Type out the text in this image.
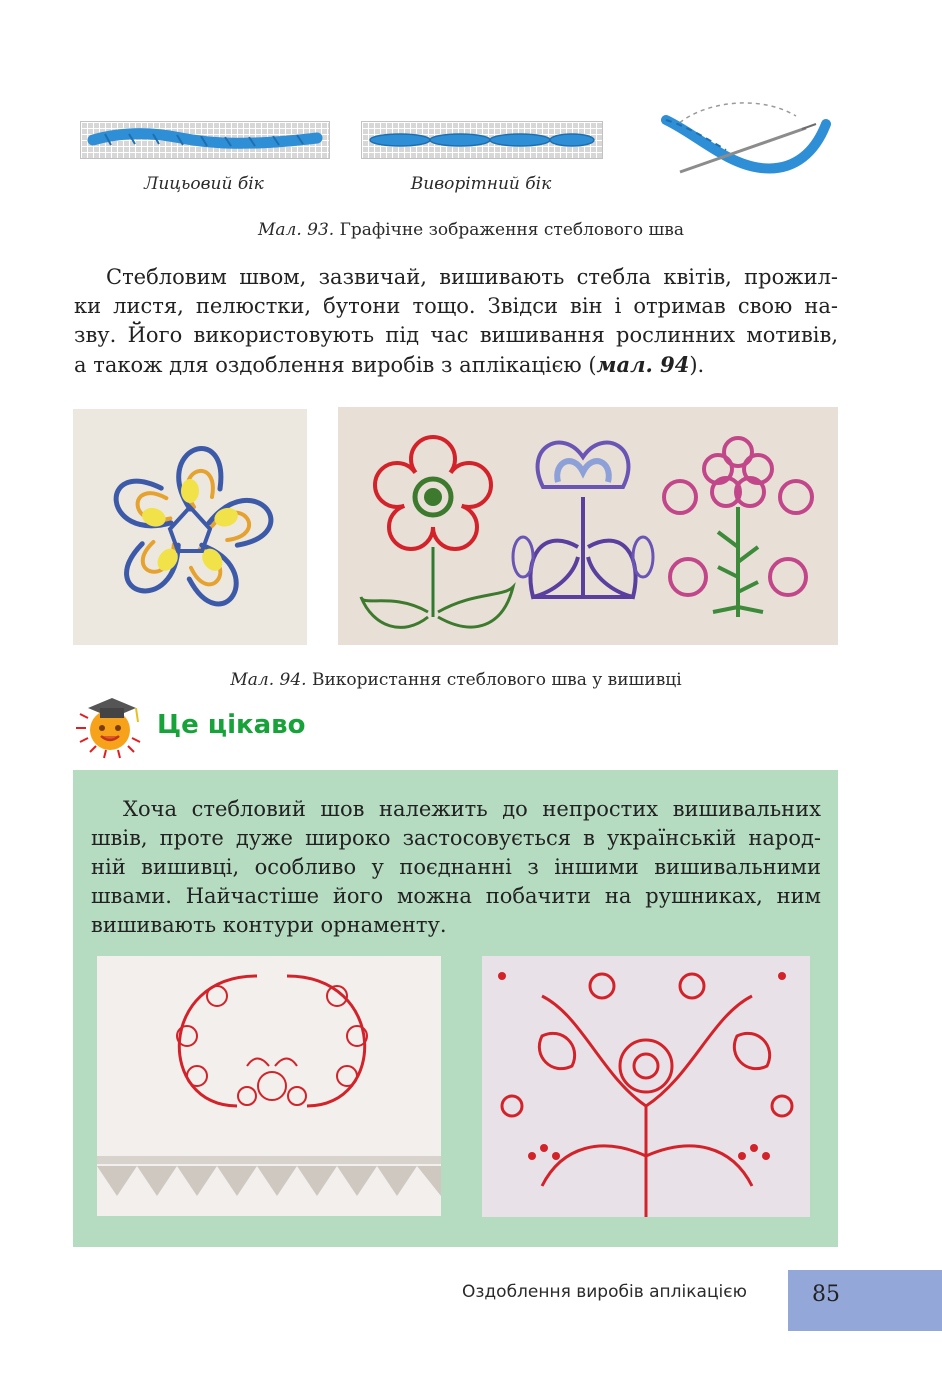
Лицьовий бік	Виворітний бік
Мал. 93. Графічне зображення стеблового шва
Стебловим швом, зазвичай, вишивають стебла квітів, прожил-
ки листя, пелюстки, бутони тощо. Звідси він і отримав свою на-
зву. Його використовують під час вишивання рослинних мотивів,
а також для оздоблення виробів з аплікацією (мал. 94).
Мал. 94. Використання стеблового шва у вишивці
Це цікаво
Хоча стебловий шов належить до непростих вишивальних
швів, проте дуже широко застосовується в українській народ-
ній вишивці, особливо у поєднанні з іншими вишивальними
швами. Найчастіше його можна побачити на рушниках, ним
вишивають контури орнаменту.
Оздоблення виробів аплікацією	85
